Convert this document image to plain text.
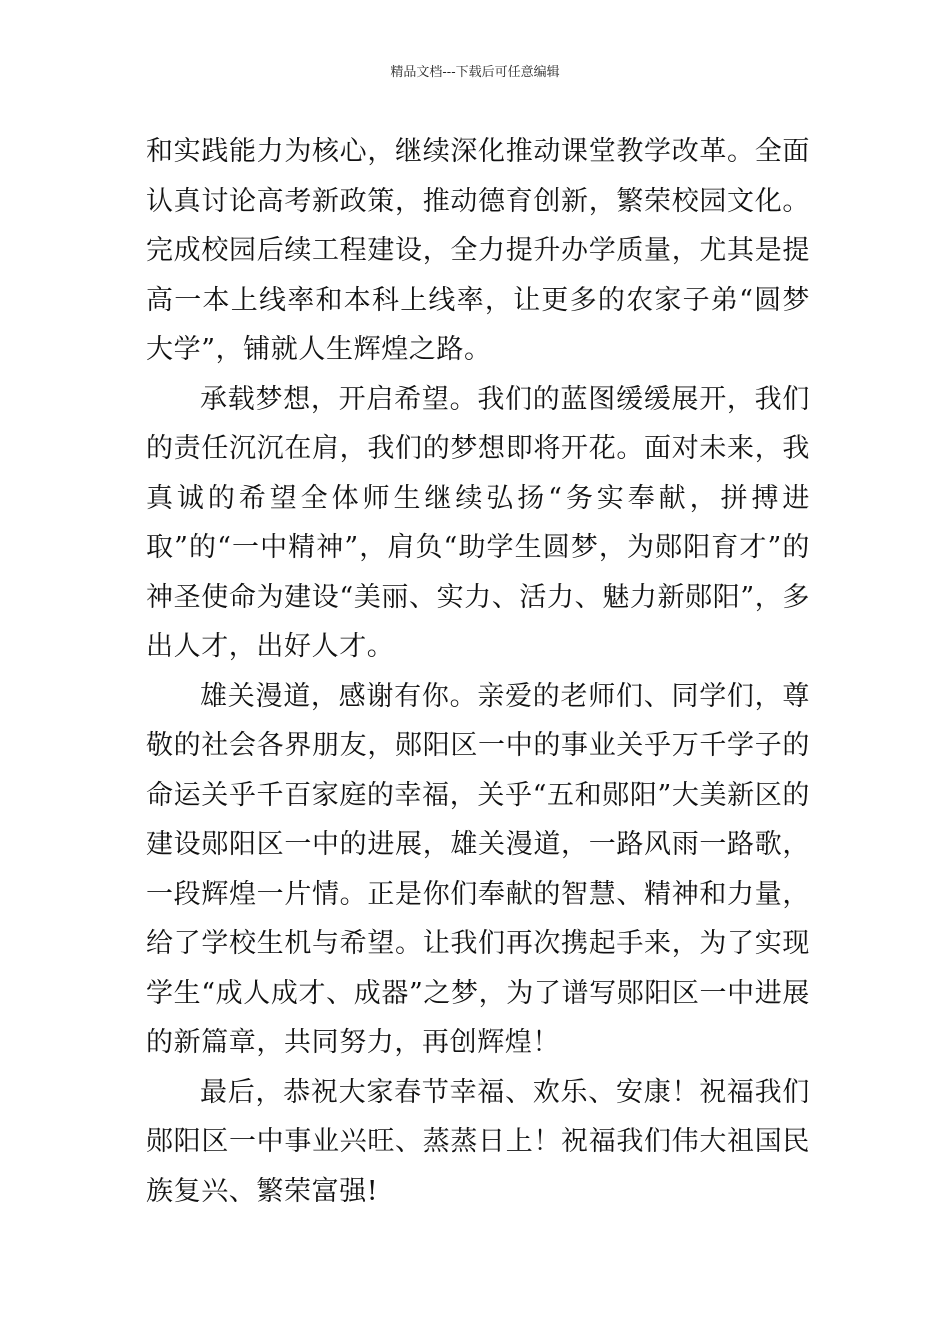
精品文档---下载后可任意编辑

和实践能力为核心，继续深化推动课堂教学改革。全面认真讨论高考新政策，推动德育创新，繁荣校园文化。完成校园后续工程建设，全力提升办学质量，尤其是提高一本上线率和本科上线率，让更多的农家子弟“圆梦大学”，铺就人生辉煌之路。

承载梦想，开启希望。我们的蓝图缓缓展开，我们的责任沉沉在肩，我们的梦想即将开花。面对未来，我真诚的希望全体师生继续弘扬“务实奉献，拼搏进取”的“一中精神”，肩负“助学生圆梦，为郧阳育才”的神圣使命为建设“美丽、实力、活力、魅力新郧阳”，多出人才，出好人才。

雄关漫道，感谢有你。亲爱的老师们、同学们，尊敬的社会各界朋友，郧阳区一中的事业关乎万千学子的命运关乎千百家庭的幸福，关乎“五和郧阳”大美新区的建设郧阳区一中的进展，雄关漫道，一路风雨一路歌，一段辉煌一片情。正是你们奉献的智慧、精神和力量，给了学校生机与希望。让我们再次携起手来，为了实现学生“成人成才、成器”之梦，为了谱写郧阳区一中进展的新篇章，共同努力，再创辉煌！

最后，恭祝大家春节幸福、欢乐、安康！祝福我们郧阳区一中事业兴旺、蒸蒸日上！祝福我们伟大祖国民族复兴、繁荣富强!
